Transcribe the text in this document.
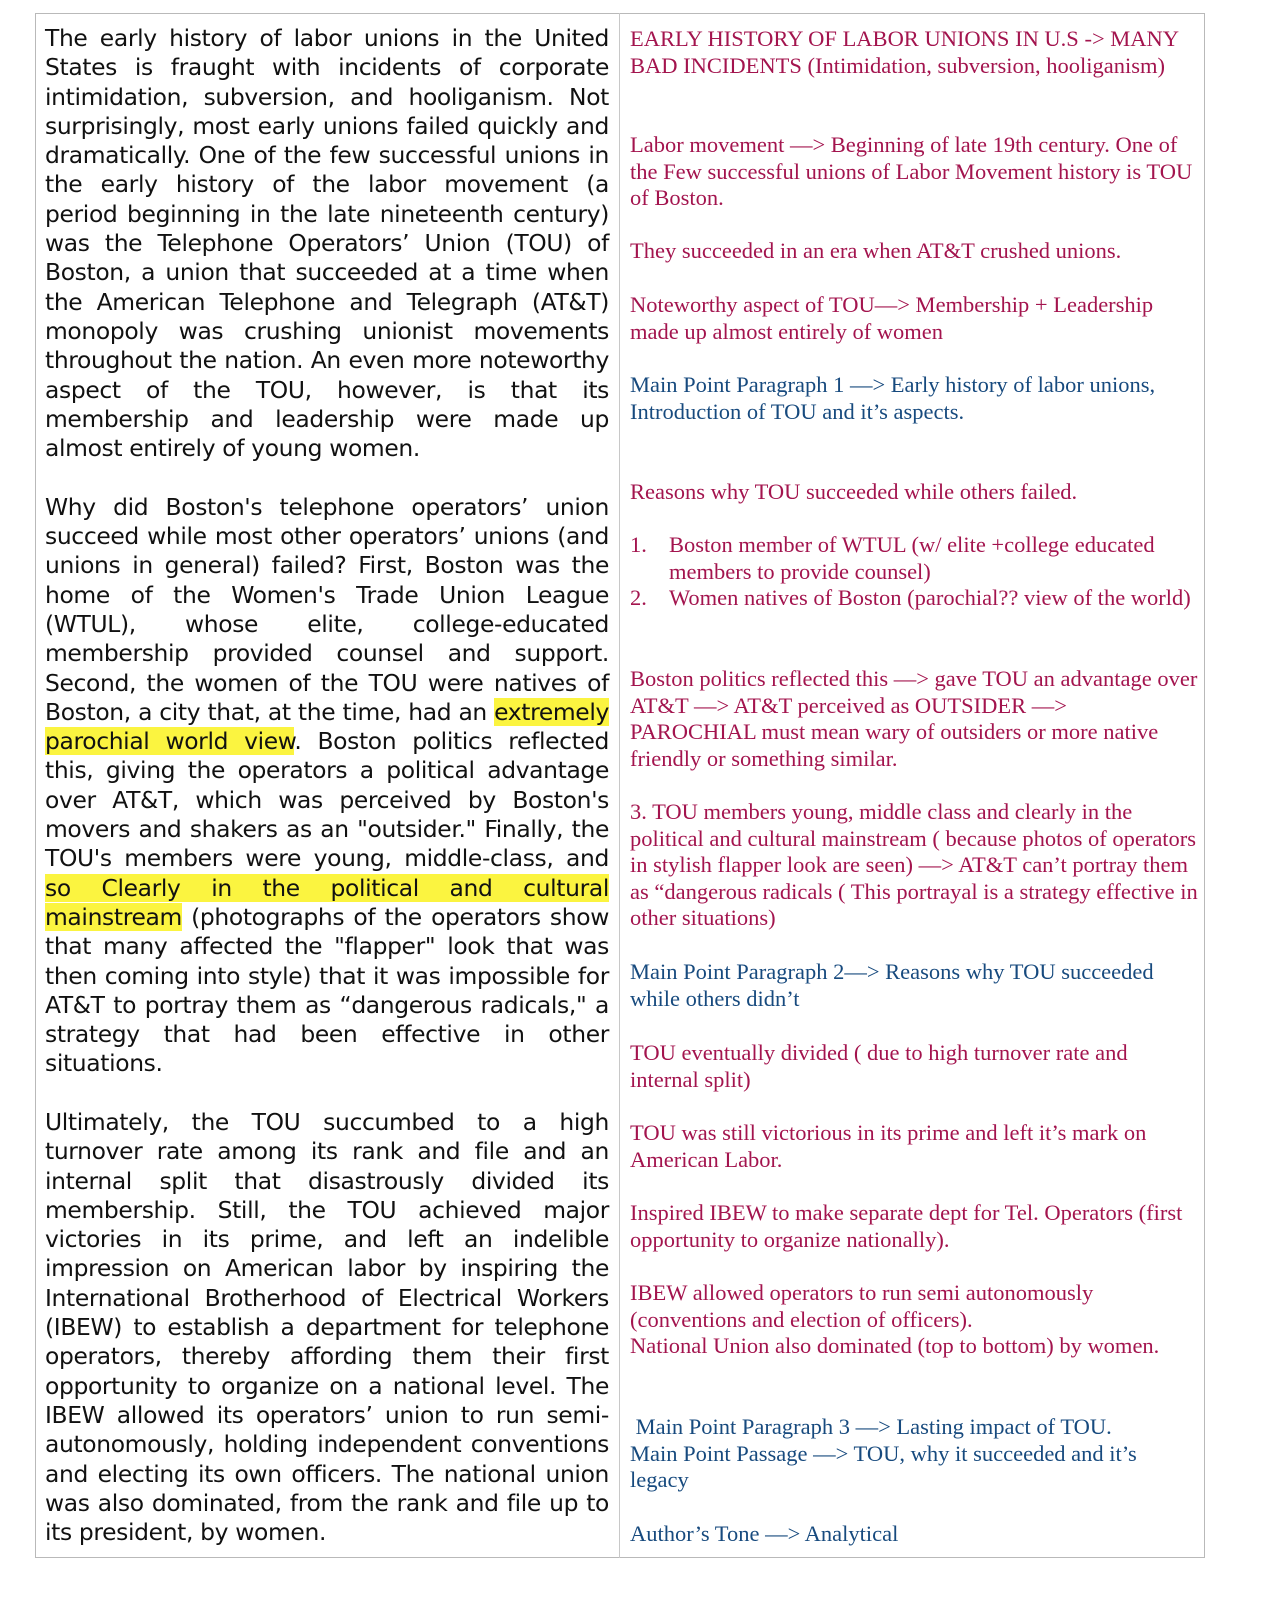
The early history of labor unions in the United States is fraught with incidents of corporate intimidation, subversion, and hooliganism. Not surprisingly, most early unions failed quickly and dramatically. One of the few successful unions in the early history of the labor movement (a period beginning in the late nineteenth century) was the Telephone Operators’ Union (TOU) of Boston, a union that succeeded at a time when the American Telephone and Telegraph (AT&T) monopoly was crushing unionist movements throughout the nation. An even more noteworthy aspect of the TOU, however, is that its membership and leadership were made up almost entirely of young women.

Why did Boston's telephone operators’ union succeed while most other operators’ unions (and unions in general) failed? First, Boston was the home of the Women's Trade Union League (WTUL), whose elite, college-educated membership provided counsel and support. Second, the women of the TOU were natives of Boston, a city that, at the time, had an extremely parochial world view. Boston politics reflected this, giving the operators a political advantage over AT&T, which was perceived by Boston's movers and shakers as an "outsider." Finally, the TOU's members were young, middle-class, and so Clearly in the political and cultural mainstream (photographs of the operators show that many affected the "flapper" look that was then coming into style) that it was impossible for AT&T to portray them as “dangerous radicals," a strategy that had been effective in other situations.

Ultimately, the TOU succumbed to a high turnover rate among its rank and file and an internal split that disastrously divided its membership. Still, the TOU achieved major victories in its prime, and left an indelible impression on American labor by inspiring the International Brotherhood of Electrical Workers (IBEW) to establish a department for telephone operators, thereby affording them their first opportunity to organize on a national level. The IBEW allowed its operators’ union to run semi-autonomously, holding independent conventions and electing its own officers. The national union was also dominated, from the rank and file up to its president, by women.

EARLY HISTORY OF LABOR UNIONS IN U.S -> MANY BAD INCIDENTS (Intimidation, subversion, hooliganism)

Labor movement —> Beginning of late 19th century. One of the Few successful unions of Labor Movement history is TOU of Boston.

They succeeded in an era when AT&T crushed unions.

Noteworthy aspect of TOU—> Membership + Leadership made up almost entirely of women

Main Point Paragraph 1 —> Early history of labor unions, Introduction of TOU and it’s aspects.

Reasons why TOU succeeded while others failed.

1. Boston member of WTUL (w/ elite +college educated members to provide counsel)
2. Women natives of Boston (parochial?? view of the world)

Boston politics reflected this —> gave TOU an advantage over AT&T —> AT&T perceived as OUTSIDER —> PAROCHIAL must mean wary of outsiders or more native friendly or something similar.

3. TOU members young, middle class and clearly in the political and cultural mainstream ( because photos of operators in stylish flapper look are seen) —> AT&T can’t portray them as “dangerous radicals ( This portrayal is a strategy effective in other situations)

Main Point Paragraph 2—> Reasons why TOU succeeded while others didn’t

TOU eventually divided ( due to high turnover rate and internal split)

TOU was still victorious in its prime and left it’s mark on American Labor.

Inspired IBEW to make separate dept for Tel. Operators (first opportunity to organize nationally).

IBEW allowed operators to run semi autonomously (conventions and election of officers).
National Union also dominated (top to bottom) by women.

Main Point Paragraph 3 —> Lasting impact of TOU.
Main Point Passage —> TOU, why it succeeded and it’s legacy

Author’s Tone —> Analytical
